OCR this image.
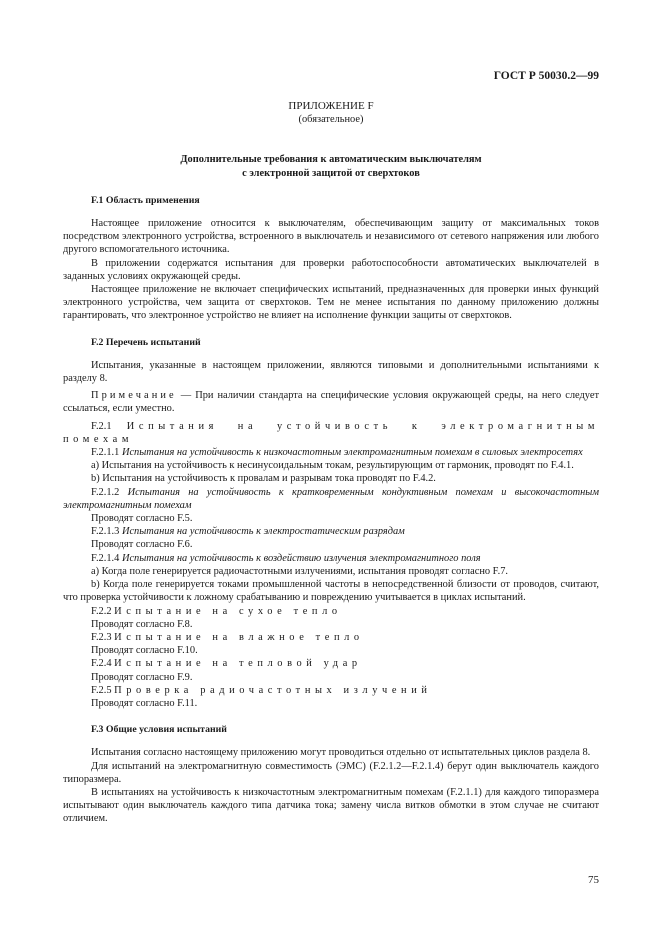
ГОСТ Р 50030.2—99
ПРИЛОЖЕНИЕ F
(обязательное)

Дополнительные требования к автоматическим выключателям

с электронной защитой от сверхтоков

F.1 Область применения

Настоящее приложение относится к выключателям, обеспечивающим защиту от максимальных токов посредством электронного устройства, встроенного в выключатель и независимого от сетевого напряжения или любого другого вспомогательного источника.

В приложении содержатся испытания для проверки работоспособности автоматических выключателей в заданных условиях окружающей среды.

Настоящее приложение не включает специфических испытаний, предназначенных для проверки иных функций электронного устройства, чем защита от сверхтоков. Тем не менее испытания по данному приложению должны гарантировать, что электронное устройство не влияет на исполнение функции защиты от сверхтоков.

F.2 Перечень испытаний

Испытания, указанные в настоящем приложении, являются типовыми и дополнительными испытаниями к разделу 8.

Примечание — При наличии стандарта на специфические условия окружающей среды, на него следует ссылаться, если уместно.

F.2.1 Испытания на устойчивость к электромагнитным помехам

F.2.1.1 Испытания на устойчивость к низкочастотным электромагнитным помехам в силовых электросетях

а) Испытания на устойчивость к несинусоидальным токам, результирующим от гармоник, проводят по F.4.1.

b) Испытания на устойчивость к провалам и разрывам тока проводят по F.4.2.

F.2.1.2 Испытания на устойчивость к кратковременным кондуктивным помехам и высокочастотным электромагнитным помехам

Проводят согласно F.5.

F.2.1.3 Испытания на устойчивость к электростатическим разрядам

Проводят согласно F.6.

F.2.1.4 Испытания на устойчивость к воздействию излучения электромагнитного поля

а) Когда поле генерируется радиочастотными излучениями, испытания проводят согласно F.7.

b) Когда поле генерируется токами промышленной частоты в непосредственной близости от проводов, считают, что проверка устойчивости к ложному срабатыванию и повреждению учитывается в циклах испытаний.

F.2.2 Испытание на сухое тепло

Проводят согласно F.8.

F.2.3 Испытание на влажное тепло

Проводят согласно F.10.

F.2.4 Испытание на тепловой удар

Проводят согласно F.9.

F.2.5 Проверка радиочастотных излучений

Проводят согласно F.11.

F.3 Общие условия испытаний

Испытания согласно настоящему приложению могут проводиться отдельно от испытательных циклов раздела 8.

Для испытаний на электромагнитную совместимость (ЭМС) (F.2.1.2—F.2.1.4) берут один выключатель каждого типоразмера.

В испытаниях на устойчивость к низкочастотным электромагнитным помехам (F.2.1.1) для каждого типоразмера испытывают один выключатель каждого типа датчика тока; замену числа витков обмотки в этом случае не считают отличием.

75
